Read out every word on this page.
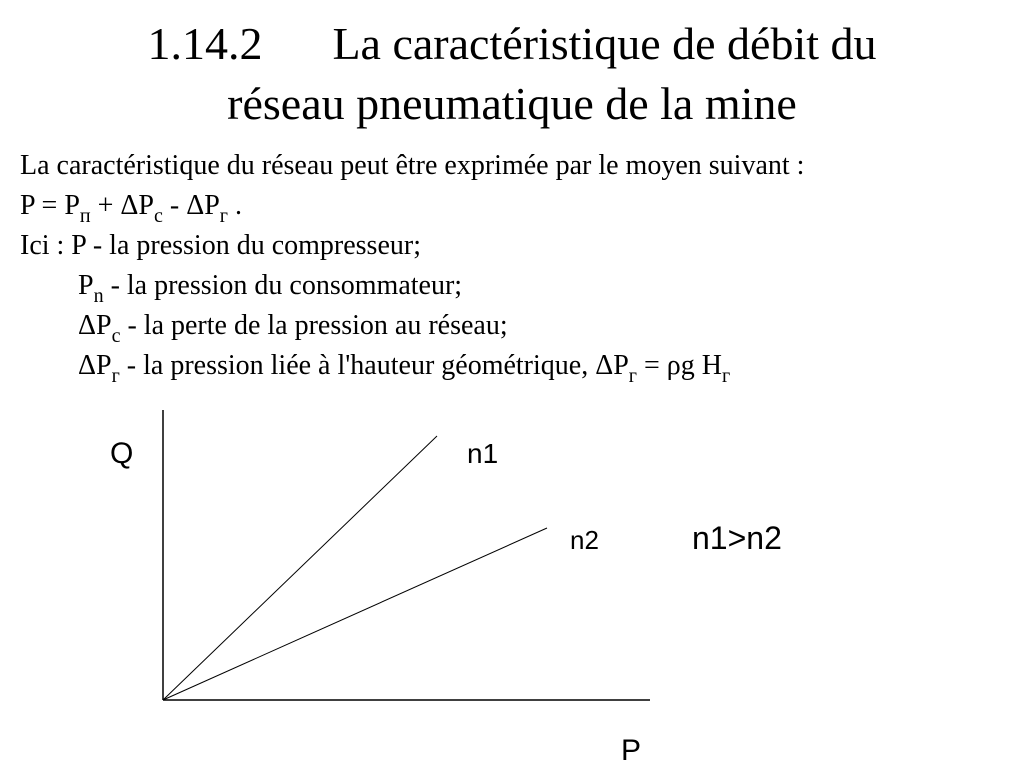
1.14.2 La caractéristique de débit du
réseau pneumatique de la mine
La caractéristique du réseau peut être exprimée par le moyen suivant :
$P = P_п + \Delta P_c - \Delta P_г$ .
Ici : P - la pression du compresseur;
$P_n$ - la pression du consommateur;
$\Delta P_c$ - la perte de la pression au réseau;
$\Delta P_г$ - la pression liée à l'hauteur géométrique, $\Delta P_г = \rho g$ $H_г$
Q
P
n1
n2	n1>n2
